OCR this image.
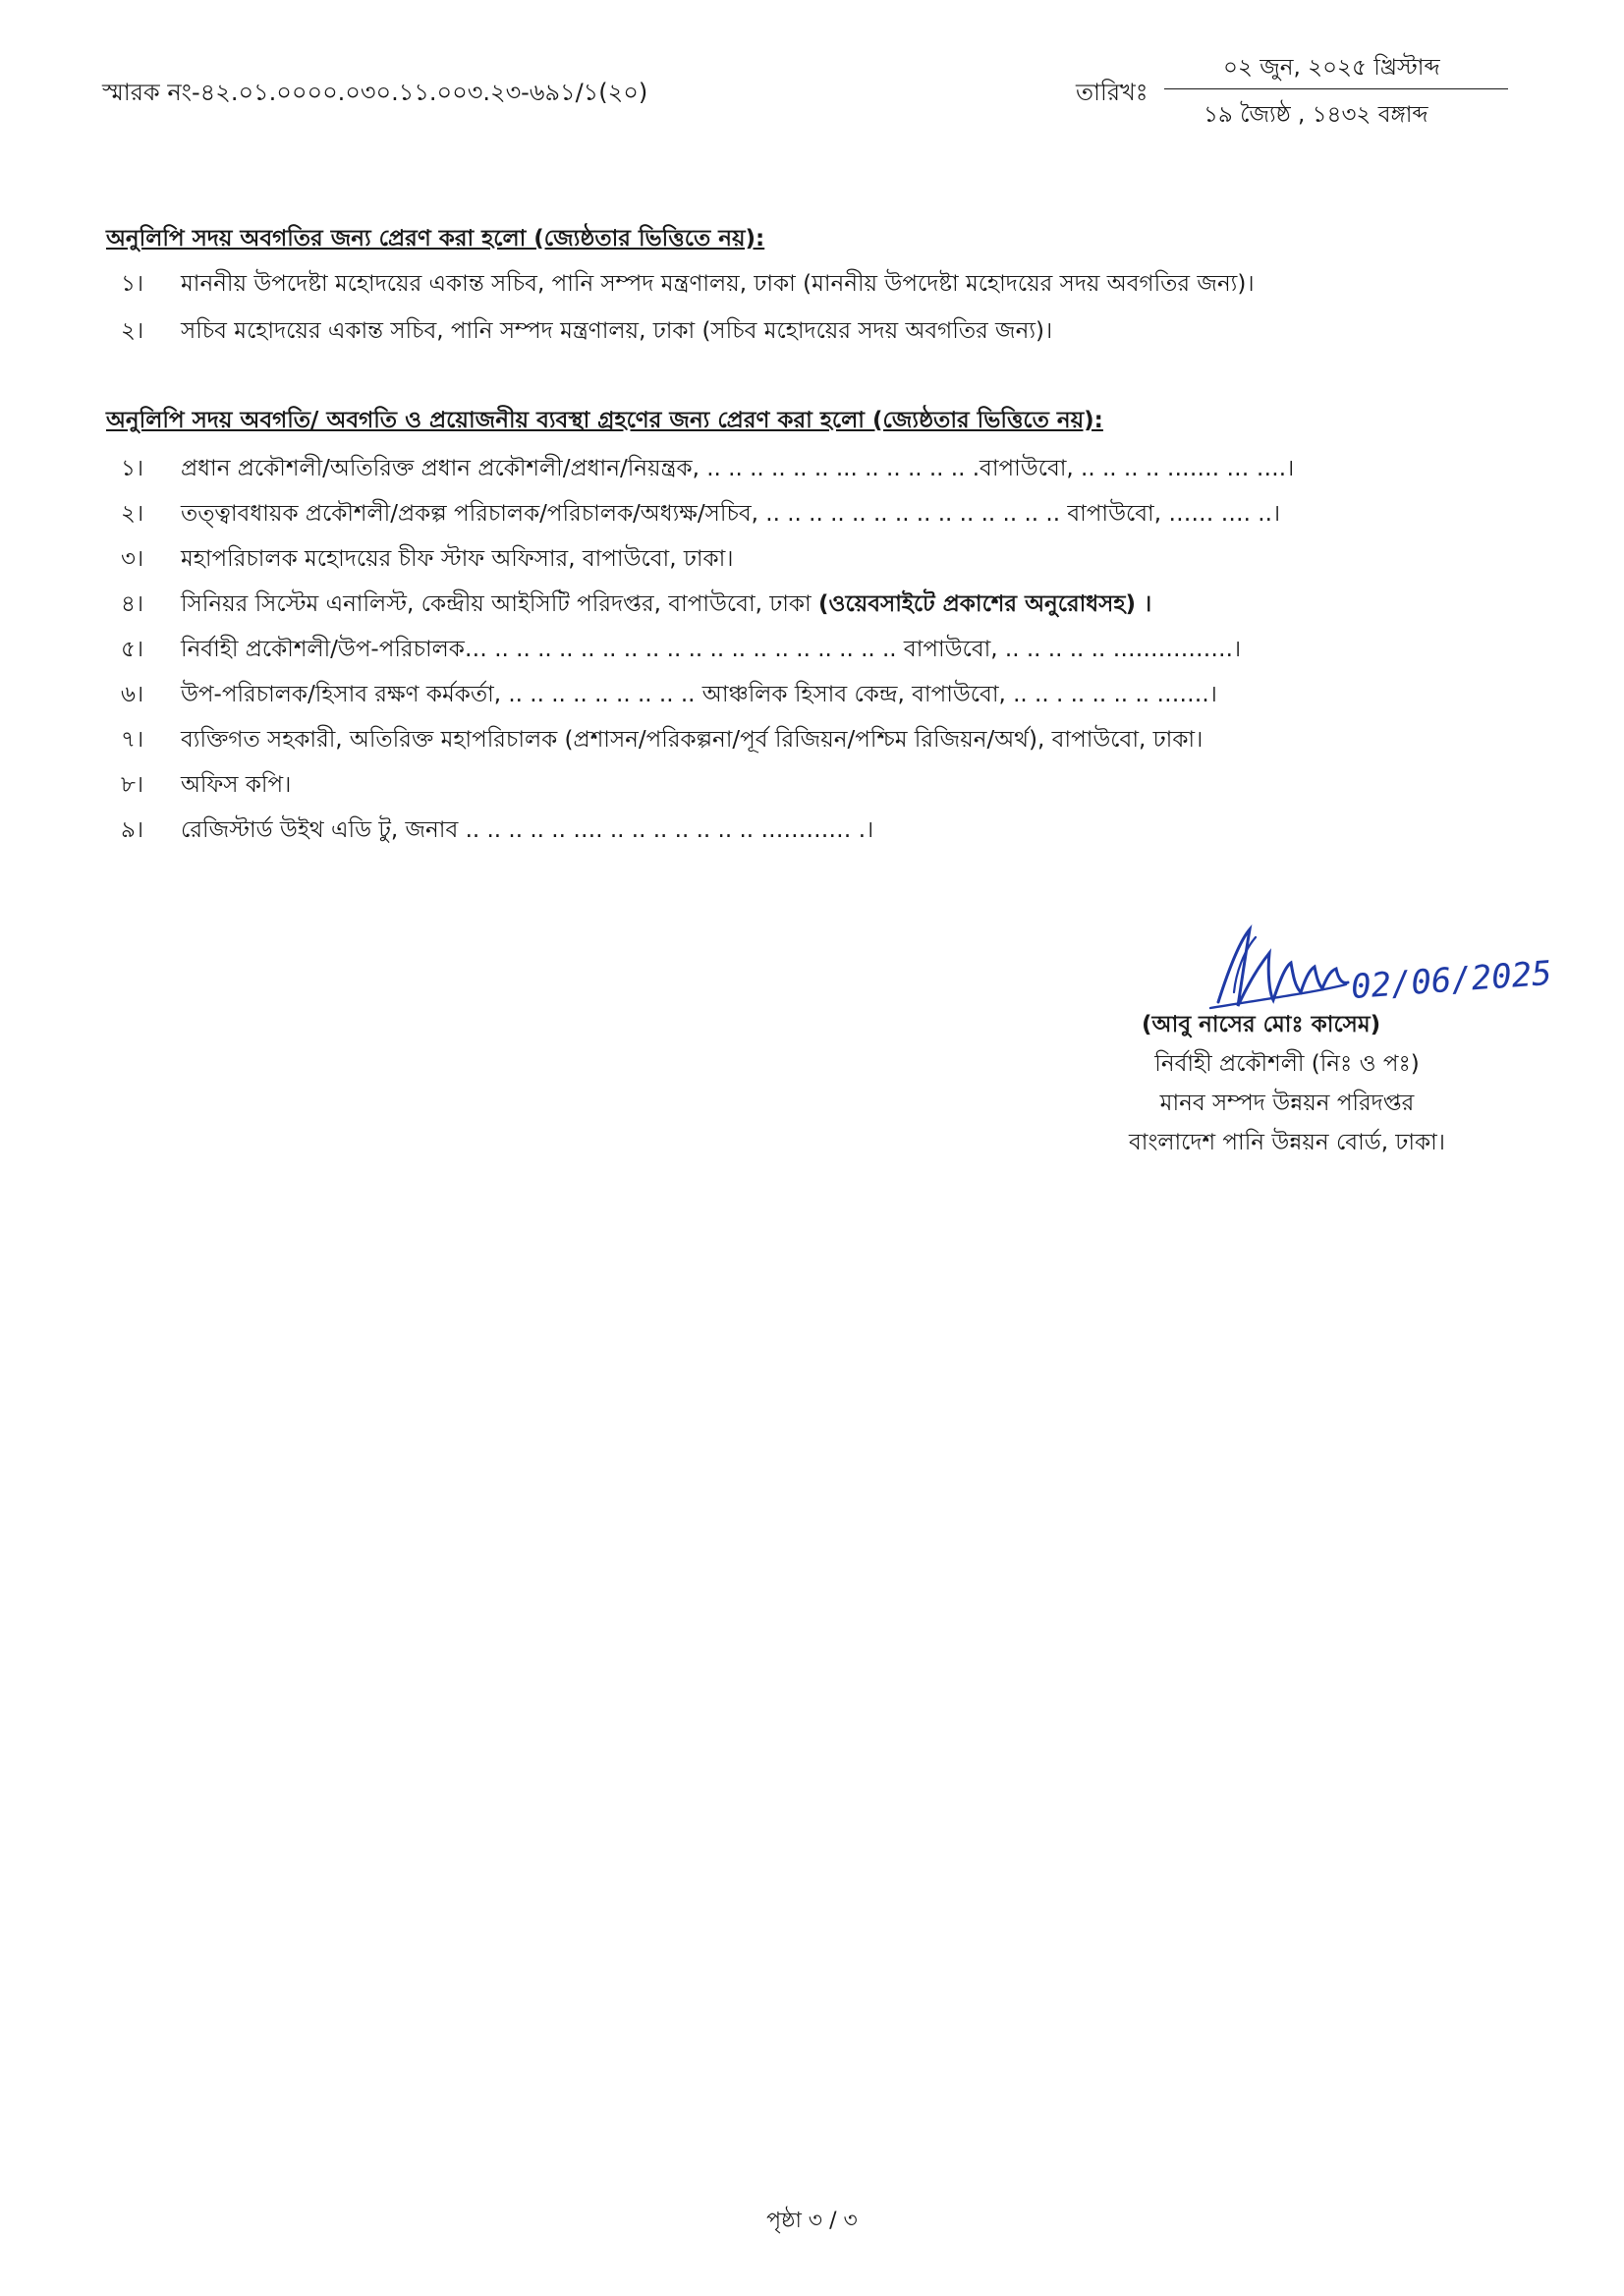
স্মারক নং-৪২.০১.০০০০.০৩০.১১.০০৩.২৩-৬৯১/১(২০)	তারিখঃ
০২ জুন, ২০২৫ খ্রিস্টাব্দ
১৯ জ্যৈষ্ঠ , ১৪৩২ বঙ্গাব্দ
অনুলিপি সদয় অবগতির জন্য প্রেরণ করা হলো (জ্যেষ্ঠতার ভিত্তিতে নয়):
১।	মাননীয় উপদেষ্টা মহোদয়ের একান্ত সচিব, পানি সম্পদ মন্ত্রণালয়, ঢাকা (মাননীয় উপদেষ্টা মহোদয়ের সদয় অবগতির জন্য)।
২।	সচিব মহোদয়ের একান্ত সচিব, পানি সম্পদ মন্ত্রণালয়, ঢাকা (সচিব মহোদয়ের সদয় অবগতির জন্য)।
অনুলিপি সদয় অবগতি/ অবগতি ও প্রয়োজনীয় ব্যবস্থা গ্রহণের জন্য প্রেরণ করা হলো (জ্যেষ্ঠতার ভিত্তিতে নয়):
১।	প্রধান প্রকৌশলী/অতিরিক্ত প্রধান প্রকৌশলী/প্রধান/নিয়ন্ত্রক, .. .. .. .. .. .. ... .. .. .. .. .. .বাপাউবো, .. .. .. .. ……. … ….।
২।	তত্ত্বাবধায়ক প্রকৌশলী/প্রকল্প পরিচালক/পরিচালক/অধ্যক্ষ/সচিব, .. .. .. .. .. .. .. .. .. .. .. .. .. .. বাপাউবো, …… …. ..।
৩।	মহাপরিচালক মহোদয়ের চীফ স্টাফ অফিসার, বাপাউবো, ঢাকা।
৪।	সিনিয়র সিস্টেম এনালিস্ট, কেন্দ্রীয় আইসিটি পরিদপ্তর, বাপাউবো, ঢাকা (ওয়েবসাইটে প্রকাশের অনুরোধসহ) ।
৫।	নির্বাহী প্রকৌশলী/উপ-পরিচালক… .. .. .. .. .. .. .. .. .. .. .. .. .. .. .. .. .. .. .. বাপাউবো, .. .. .. .. .. …………….।
৬।	উপ-পরিচালক/হিসাব রক্ষণ কর্মকর্তা, .. .. .. .. .. .. .. .. .. আঞ্চলিক হিসাব কেন্দ্র, বাপাউবো, .. .. . .. .. .. .. …….।
৭।	ব্যক্তিগত সহকারী, অতিরিক্ত মহাপরিচালক (প্রশাসন/পরিকল্পনা/পূর্ব রিজিয়ন/পশ্চিম রিজিয়ন/অর্থ), বাপাউবো, ঢাকা।
৮।	অফিস কপি।
৯।	রেজিস্টার্ড উইথ এডি টু, জনাব .. .. .. .. .. …. .. .. .. .. .. .. .. ………… .।
02/06/2025
(আবু নাসের মোঃ কাসেম)
নির্বাহী প্রকৌশলী (নিঃ ও পঃ)
মানব সম্পদ উন্নয়ন পরিদপ্তর
বাংলাদেশ পানি উন্নয়ন বোর্ড, ঢাকা।
পৃষ্ঠা ৩ / ৩
